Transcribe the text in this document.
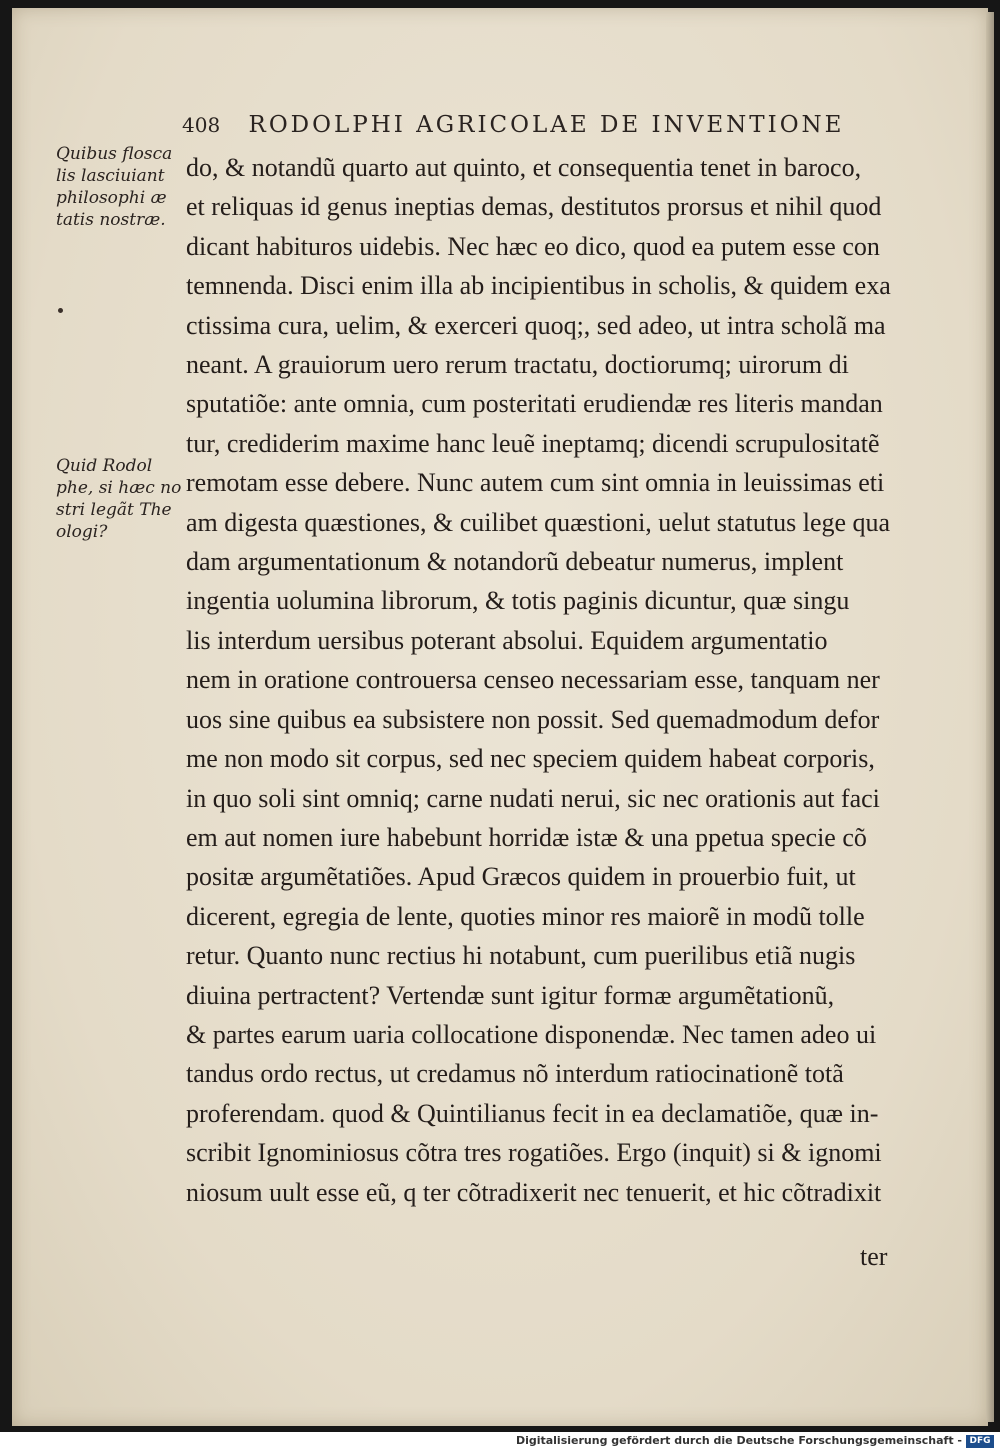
408 RODOLPHI AGRICOLAE DE INVENTIONE
Quibus flosca
lis lasciuiant
philosophi æ
tatis nostræ.
Quid Rodol
phe, si hæc no
stri legãt The
ologi?
do, & notandũ quarto aut quinto, et consequentia tenet in baroco,
et reliquas id genus ineptias demas, destitutos prorsus et nihil quod
dicant habituros uidebis. Nec hæc eo dico, quod ea putem esse con
temnenda. Disci enim illa ab incipientibus in scholis, & quidem exa
ctissima cura, uelim, & exerceri quoq;, sed adeo, ut intra scholã ma
neant. A grauiorum uero rerum tractatu, doctiorumq; uirorum di
sputatiõe: ante omnia, cum posteritati erudiendæ res literis mandan
tur, crediderim maxime hanc leuẽ ineptamq; dicendi scrupulositatẽ
remotam esse debere. Nunc autem cum sint omnia in leuissimas eti
am digesta quæstiones, & cuilibet quæstioni, uelut statutus lege qua
dam argumentationum & notandorũ debeatur numerus, implent
ingentia uolumina librorum, & totis paginis dicuntur, quæ singu
lis interdum uersibus poterant absolui. Equidem argumentatio
nem in oratione controuersa censeo necessariam esse, tanquam ner
uos sine quibus ea subsistere non possit. Sed quemadmodum defor
me non modo sit corpus, sed nec speciem quidem habeat corporis,
in quo soli sint omniq; carne nudati nerui, sic nec orationis aut faci
em aut nomen iure habebunt horridæ istæ & una ppetua specie cõ
positæ argumẽtatiões. Apud Græcos quidem in prouerbio fuit, ut
dicerent, egregia de lente, quoties minor res maiorẽ in modũ tolle
retur. Quanto nunc rectius hi notabunt, cum puerilibus etiã nugis
diuina pertractent? Vertendæ sunt igitur formæ argumẽtationũ,
& partes earum uaria collocatione disponendæ. Nec tamen adeo ui
tandus ordo rectus, ut credamus nõ interdum ratiocinationẽ totã
proferendam. quod & Quintilianus fecit in ea declamatiõe, quæ in-
scribit Ignominiosus cõtra tres rogatiões. Ergo (inquit) si & ignomi
niosum uult esse eũ, q ter cõtradixerit nec tenuerit, et hic cõtradixit
ter
Digitalisierung gefördert durch die Deutsche Forschungsgemeinschaft - DFG
